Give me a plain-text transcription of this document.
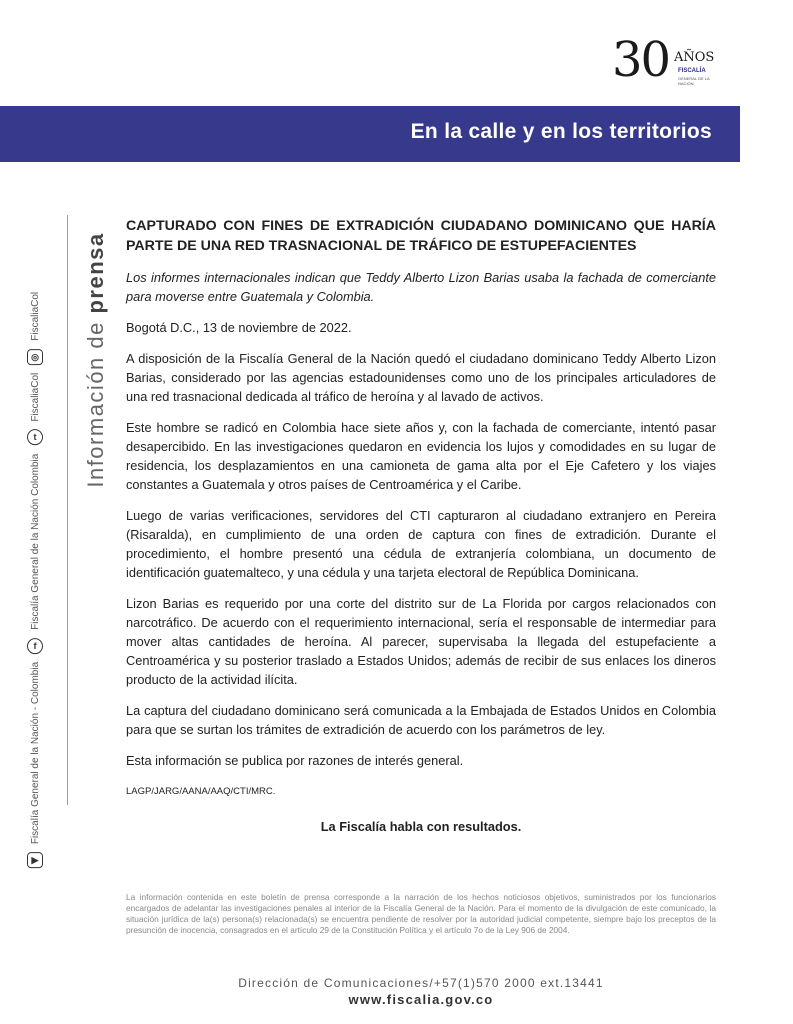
30 AÑOS
FISCALÍA
GENERAL DE LA NACIÓN
En la calle y en los territorios
Información de prensa
▶
Fiscalía General de la Nación - Colombia
f
Fiscalía General de la Nación Colombia
t
FiscaliaCol
◎
FiscaliaCol

CAPTURADO CON FINES DE EXTRADICIÓN CIUDADANO DOMINICANO QUE HARÍA PARTE DE UNA RED TRASNACIONAL DE TRÁFICO DE ESTUPEFACIENTES

Los informes internacionales indican que Teddy Alberto Lizon Barias usaba la fachada de comerciante para moverse entre Guatemala y Colombia.

Bogotá D.C., 13 de noviembre de 2022.

A disposición de la Fiscalía General de la Nación quedó el ciudadano dominicano Teddy Alberto Lizon Barias, considerado por las agencias estadounidenses como uno de los principales articuladores de una red trasnacional dedicada al tráfico de heroína y al lavado de activos.

Este hombre se radicó en Colombia hace siete años y, con la fachada de comerciante, intentó pasar desapercibido. En las investigaciones quedaron en evidencia los lujos y comodidades en su lugar de residencia, los desplazamientos en una camioneta de gama alta por el Eje Cafetero y los viajes constantes a Guatemala y otros países de Centroamérica y el Caribe.

Luego de varias verificaciones, servidores del CTI capturaron al ciudadano extranjero en Pereira (Risaralda), en cumplimiento de una orden de captura con fines de extradición. Durante el procedimiento, el hombre presentó una cédula de extranjería colombiana, un documento de identificación guatemalteco, y una cédula y una tarjeta electoral de República Dominicana.

Lizon Barias es requerido por una corte del distrito sur de La Florida por cargos relacionados con narcotráfico. De acuerdo con el requerimiento internacional, sería el responsable de intermediar para mover altas cantidades de heroína. Al parecer, supervisaba la llegada del estupefaciente a Centroamérica y su posterior traslado a Estados Unidos; además de recibir de sus enlaces los dineros producto de la actividad ilícita.

La captura del ciudadano dominicano será comunicada a la Embajada de Estados Unidos en Colombia para que se surtan los trámites de extradición de acuerdo con los parámetros de ley.

Esta información se publica por razones de interés general.

LAGP/JARG/AANA/AAQ/CTI/MRC.

La Fiscalía habla con resultados.

La información contenida en este boletín de prensa corresponde a la narración de los hechos noticiosos objetivos, suministrados por los funcionarios encargados de adelantar las investigaciones penales al interior de la Fiscalía General de la Nación. Para el momento de la divulgación de este comunicado, la situación jurídica de la(s) persona(s) relacionada(s) se encuentra pendiente de resolver por la autoridad judicial competente, siempre bajo los preceptos de la presunción de inocencia, consagrados en el artículo 29 de la Constitución Política y el artículo 7o de la Ley 906 de 2004.
Dirección de Comunicaciones/+57(1)570 2000 ext.13441
www.fiscalia.gov.co
